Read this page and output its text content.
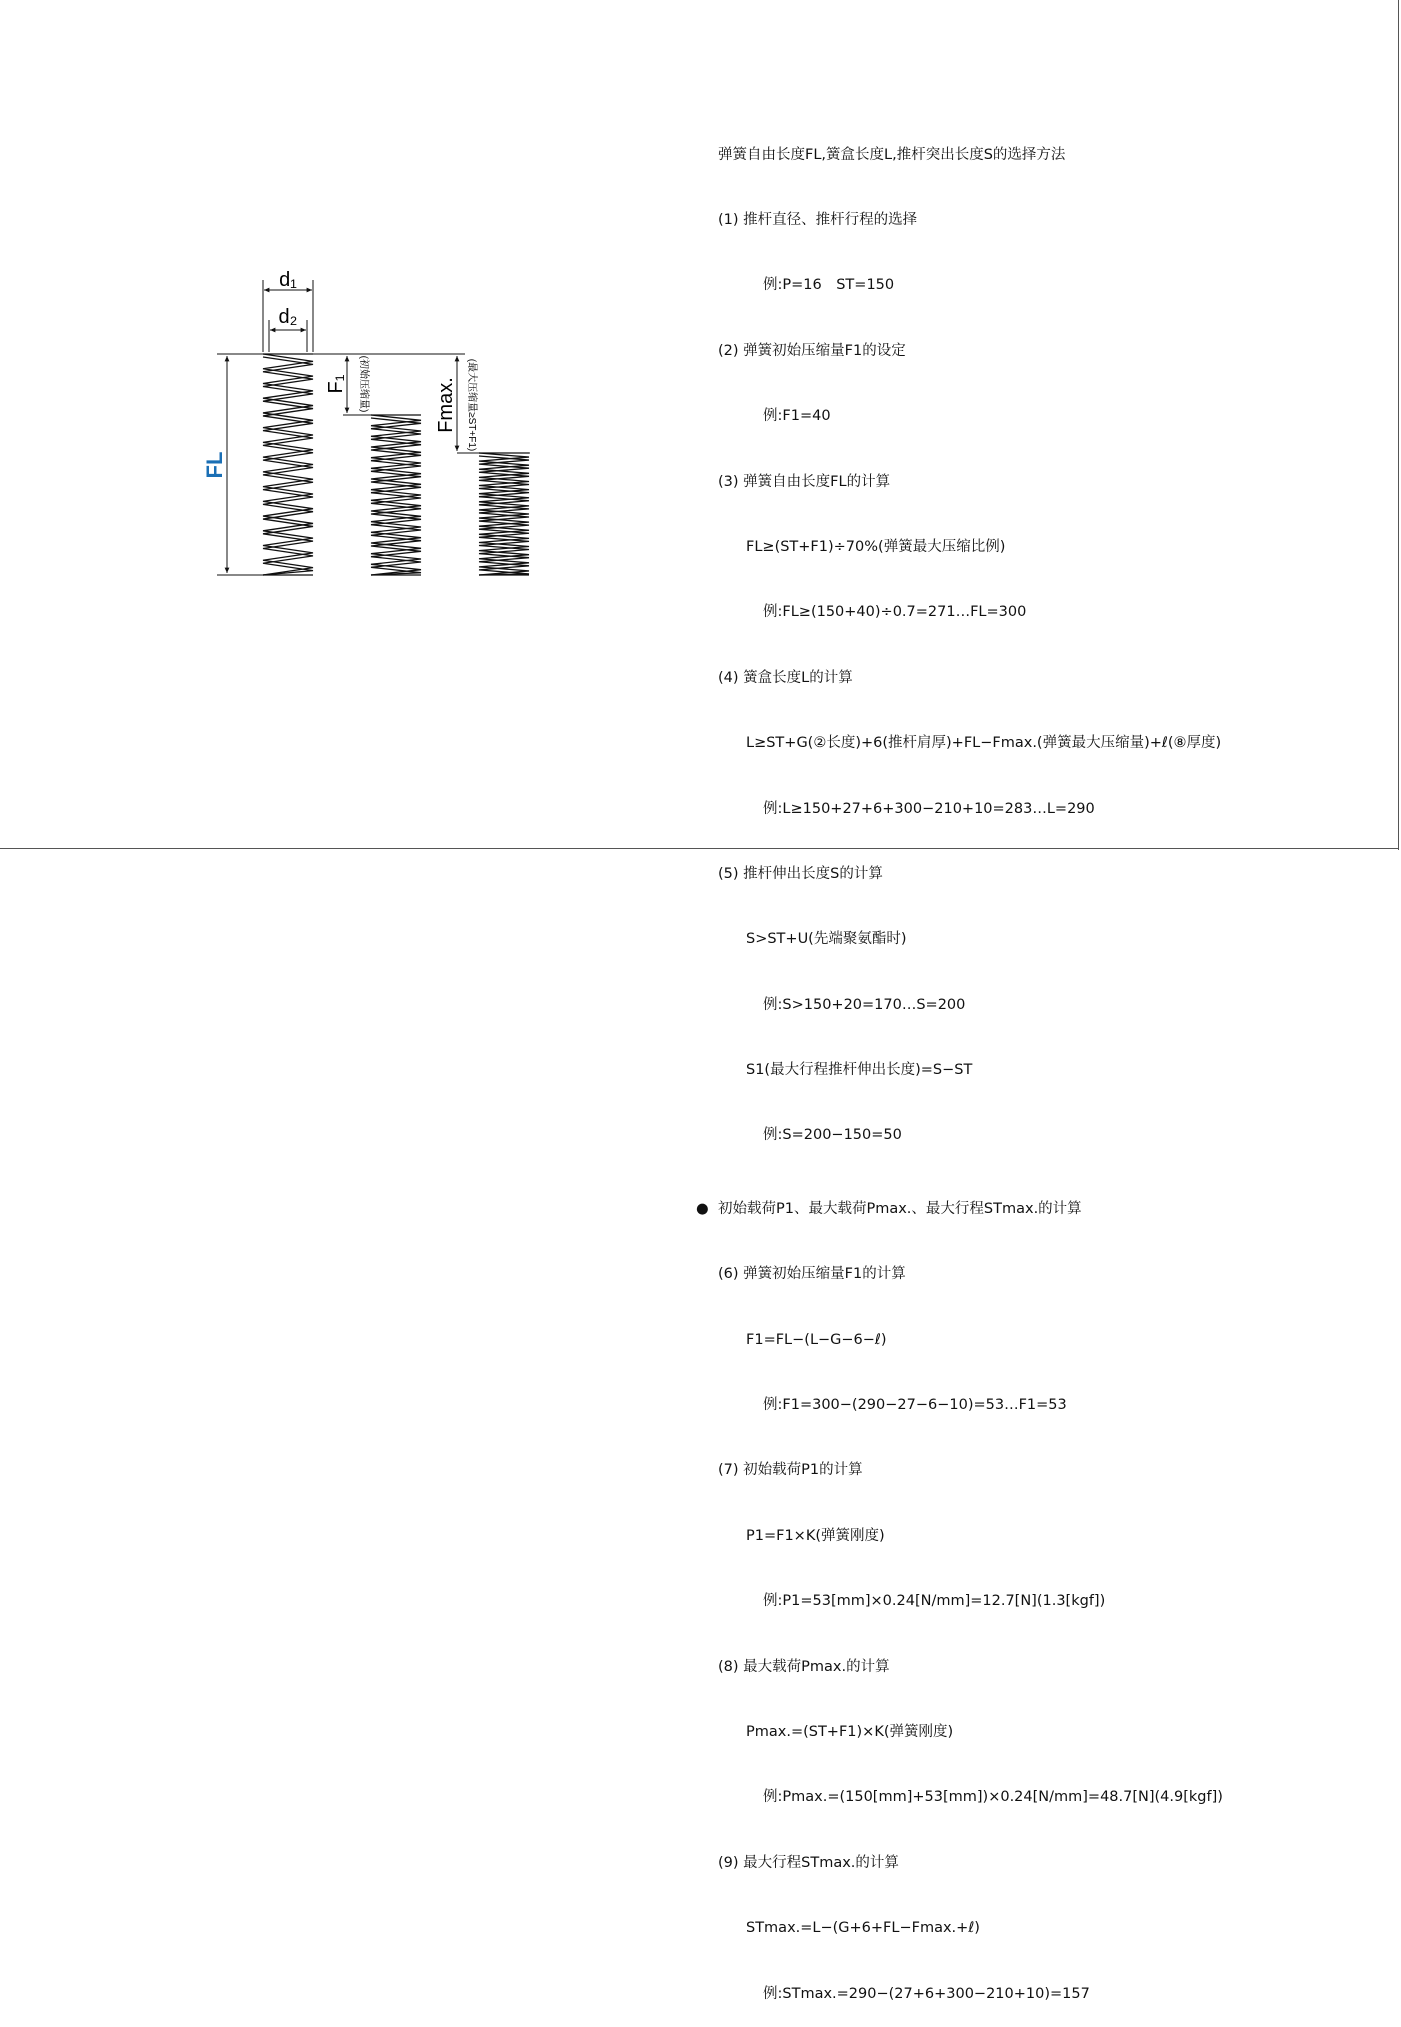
d₁
d₂
FL
F₁ (初始压缩量)	Fmax. (最大压缩量≥ST+F1)

弹簧自由长度FL,簧盒长度L,推杆突出长度S的选择方法

(1) 推杆直径、推杆行程的选择

例:P=16　ST=150

(2) 弹簧初始压缩量F1的设定

例:F1=40

(3) 弹簧自由长度FL的计算

FL≥(ST+F1)÷70%(弹簧最大压缩比例)

例:FL≥(150+40)÷0.7=271…FL=300

(4) 簧盒长度L的计算

L≥ST+G(②长度)+6(推杆肩厚)+FL−Fmax.(弹簧最大压缩量)+ℓ(⑧厚度)

例:L≥150+27+6+300−210+10=283…L=290

(5) 推杆伸出长度S的计算

S>ST+U(先端聚氨酯时)

例:S>150+20=170…S=200

S1(最大行程推杆伸出长度)=S−ST

例:S=200−150=50

● 初始载荷P1、最大载荷Pmax.、最大行程STmax.的计算

(6) 弹簧初始压缩量F1的计算

F1=FL−(L−G−6−ℓ)

例:F1=300−(290−27−6−10)=53…F1=53

(7) 初始载荷P1的计算

P1=F1×K(弹簧刚度)

例:P1=53[mm]×0.24[N/mm]=12.7[N](1.3[kgf])

(8) 最大载荷Pmax.的计算

Pmax.=(ST+F1)×K(弹簧刚度)

例:Pmax.=(150[mm]+53[mm])×0.24[N/mm]=48.7[N](4.9[kgf])

(9) 最大行程STmax.的计算

STmax.=L−(G+6+FL−Fmax.+ℓ)

例:STmax.=290−(27+6+300−210+10)=157
